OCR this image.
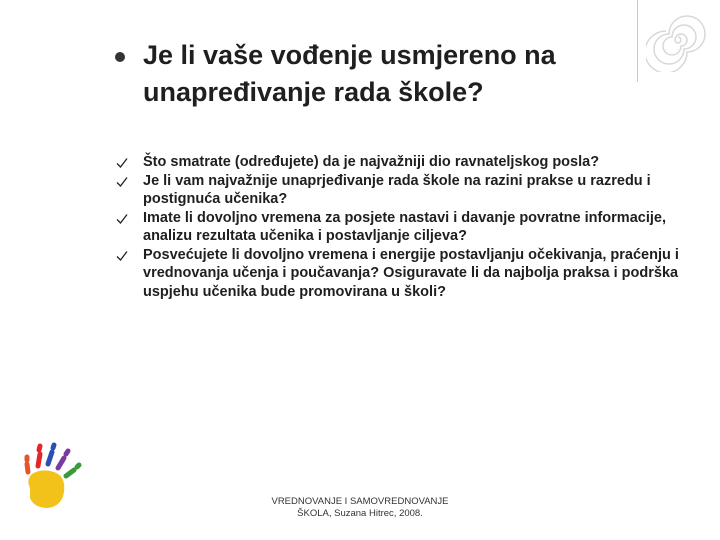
Je li vaše vođenje usmjereno na unapređivanje rada škole?
Što smatrate (određujete) da je najvažniji dio ravnateljskog posla?
Je li vam najvažnije unaprjeđivanje rada škole na razini prakse u razredu i postignuća učenika?
Imate li dovoljno vremena za posjete nastavi i davanje povratne informacije, analizu rezultata učenika i postavljanje ciljeva?
Posvećujete li dovoljno vremena i energije postavljanju očekivanja, praćenju i vrednovanja učenja i poučavanja? Osiguravate li da najbolja praksa i podrška uspjehu učenika bude promovirana u školi?
VREDNOVANJE I SAMOVREDNOVANJE
ŠKOLA, Suzana Hitrec, 2008.
